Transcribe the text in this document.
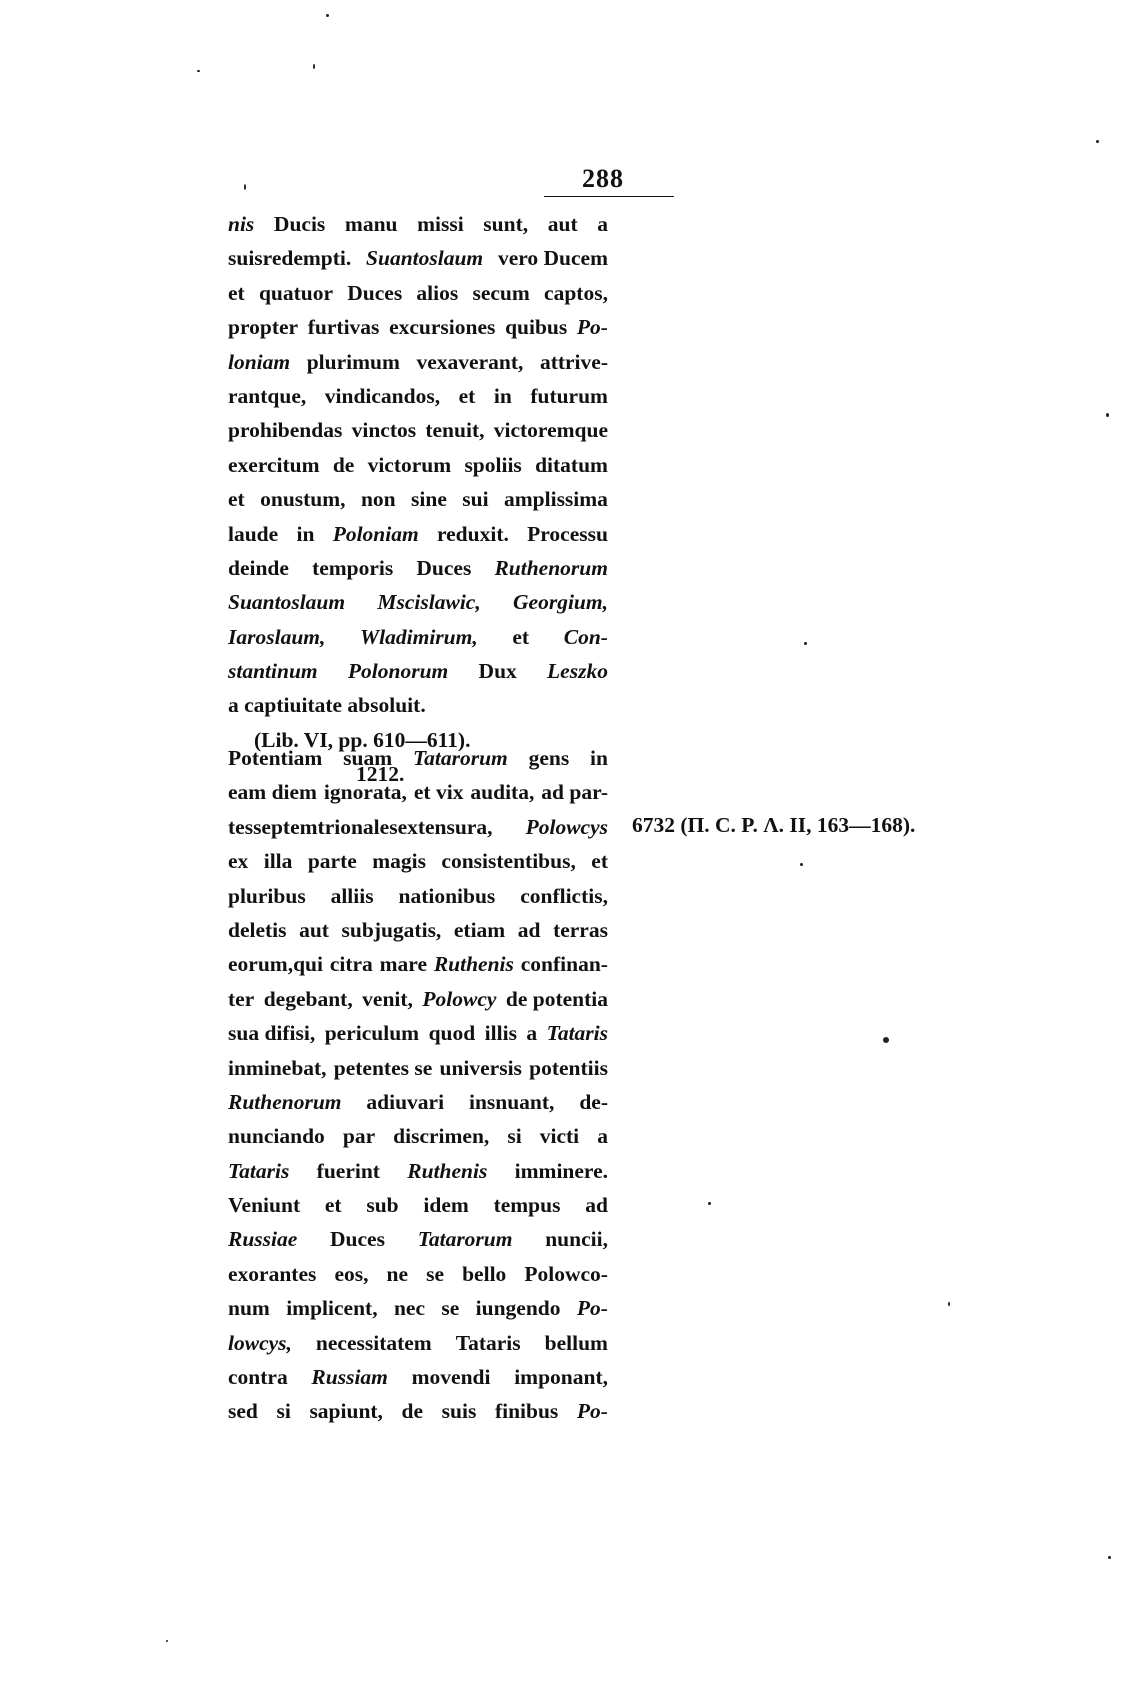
288
nis Ducis manu missi sunt, aut a
suisredempti. Suantoslaum vero Ducem
et quatuor Duces alios secum captos,
propter furtivas excursiones quibus Po-
loniam plurimum vexaverant, attrive-
rantque, vindicandos, et in futurum
prohibendas vinctos tenuit, victoremque
exercitum de victorum spoliis ditatum
et onustum, non sine sui amplissima
laude in Poloniam reduxit. Processu
deinde temporis Duces Ruthenorum
Suantoslaum Mscislawic, Georgium,
Iaroslaum, Wladimirum, et Con-
stantinum Polonorum Dux Leszko
a captiuitate absoluit.
(Lib. VI, pp. 610—611).
1212.
Potentiam suam Tatarorum gens in
eam diem ignorata, et vix audita, ad par-
tesseptemtrionalesextensura, Polowcys
ex illa parte magis consistentibus, et
pluribus alliis nationibus conflictis,
deletis aut subjugatis, etiam ad terras
eorum,qui citra mare Ruthenis confinan-
ter degebant, venit, Polowcy de potentia
sua difisi, periculum quod illis a Tataris
inminebat, petentes se universis potentiis
Ruthenorum adiuvari insnuant, de-
nunciando par discrimen, si victi a
Tataris fuerint Ruthenis imminere.
Veniunt et sub idem tempus ad
Russiae Duces Tatarorum nuncii,
exorantes eos, ne se bello Polowco-
num implicent, nec se iungendo Po-
lowcys, necessitatem Tataris bellum
contra Russiam movendi imponant,
sed si sapiunt, de suis finibus Po-
6732 (Π. C. P. Λ. II, 163—168).
